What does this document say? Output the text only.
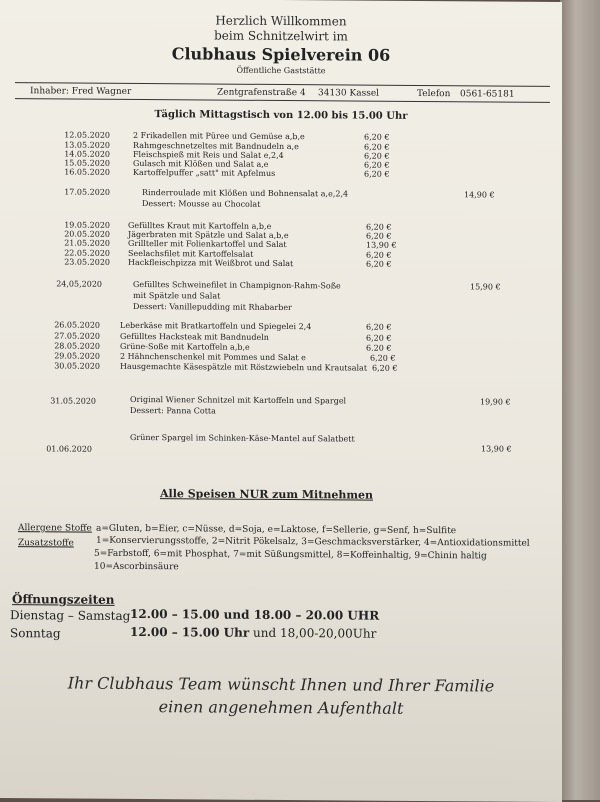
Herzlich Willkommen
beim Schnitzelwirt im
Clubhaus Spielverein 06
Öffentliche Gaststätte
Inhaber: Fred Wagner	Zentgrafenstraße 4 34130 Kassel	Telefon 0561-65181
Täglich Mittagstisch von 12.00 bis 15.00 Uhr
12.05.2020	2 Frikadellen mit Püree und Gemüse a,b,e	6,20 €
13.05.2020	Rahmgeschnetzeltes mit Bandnudeln a,e	6,20 €
14.05.2020	Fleischspieß mit Reis und Salat e,2,4	6,20 €
15.05.2020	Gulasch mit Klößen und Salat a,e	6,20 €
16.05.2020	Kartoffelpuffer „satt" mit Apfelmus	6,20 €
17.05.2020	Rinderroulade mit Klößen und Bohnensalat a,e,2,4
Dessert: Mousse au Chocolat
14,90 €
19.05.2020 Gefülltes Kraut mit Kartoffeln a,b,e	6,20 €
20.05.2020 Jägerbraten mit Spätzle und Salat a,b,e	6,20 €
21.05.2020 Grillteller mit Folienkartoffel und Salat	13,90 €
22.05.2020 Seelachsfilet mit Kartoffelsalat	6,20 €
23.05.2020 Hackfleischpizza mit Weißbrot und Salat	6,20 €
24,05,2020	Gefülltes Schweinefilet in Champignon-Rahm-Soße
mit Spätzle und Salat
Dessert: Vanillepudding mit Rhabarber
15,90 €
26.05.2020	Leberkäse mit Bratkartoffeln und Spiegelei 2,4	6,20 €
27.05.2020	Gefülltes Hacksteak mit Bandnudeln	6,20 €
28.05.2020	Grüne-Soße mit Kartoffeln a,b,e	6.20 €
29.05.2020	2 Hähnchenschenkel mit Pommes und Salat e	6,20 €
30.05.2020	Hausgemachte Käsespätzle mit Röstzwiebeln und Krautsalat 6,20 €
31.05.2020	Original Wiener Schnitzel mit Kartoffeln und Spargel
Dessert: Panna Cotta
19,90 €
Grüner Spargel im Schinken-Käse-Mantel auf Salatbett
01.06.2020	13,90 €
Alle Speisen NUR zum Mitnehmen
Allergene Stoffe a=Gluten, b=Eier, c=Nüsse, d=Soja, e=Laktose, f=Sellerie, g=Senf, h=Sulfite
Zusatzstoffe 1=Konservierungsstoffe, 2=Nitrit Pökelsalz, 3=Geschmacksverstärker, 4=Antioxidationsmittel
5=Farbstoff, 6=mit Phosphat, 7=mit Süßungsmittel, 8=Koffeinhaltig, 9=Chinin haltig
10=Ascorbinsäure
Öffnungszeiten
Dienstag – Samstag 12.00 – 15.00 und 18.00 – 20.00 UHR
Sonntag	12.00 – 15.00 Uhr und 18,00-20,00Uhr
Ihr Clubhaus Team wünscht Ihnen und Ihrer Familie
einen angenehmen Aufenthalt
